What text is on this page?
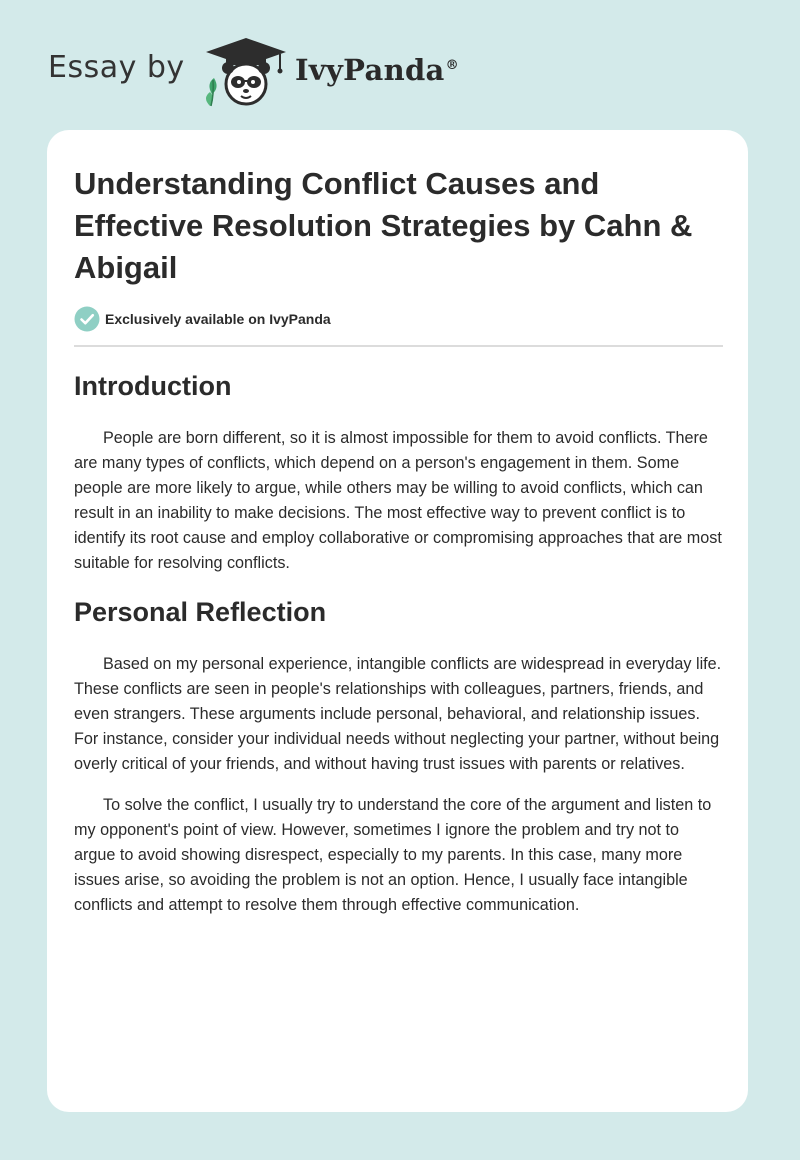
Essay by	IvyPanda®
Understanding Conflict Causes and Effective Resolution Strategies by Cahn & Abigail
Exclusively available on IvyPanda
Introduction

People are born different, so it is almost impossible for them to avoid conflicts. There are many types of conflicts, which depend on a person's engagement in them. Some people are more likely to argue, while others may be willing to avoid conflicts, which can result in an inability to make decisions. The most effective way to prevent conflict is to identify its root cause and employ collaborative or compromising approaches that are most suitable for resolving conflicts.

Personal Reflection

Based on my personal experience, intangible conflicts are widespread in everyday life. These conflicts are seen in people's relationships with colleagues, partners, friends, and even strangers. These arguments include personal, behavioral, and relationship issues. For instance, consider your individual needs without neglecting your partner, without being overly critical of your friends, and without having trust issues with parents or relatives.

To solve the conflict, I usually try to understand the core of the argument and listen to my opponent's point of view. However, sometimes I ignore the problem and try not to argue to avoid showing disrespect, especially to my parents. In this case, many more issues arise, so avoiding the problem is not an option. Hence, I usually face intangible conflicts and attempt to resolve them through effective communication.
